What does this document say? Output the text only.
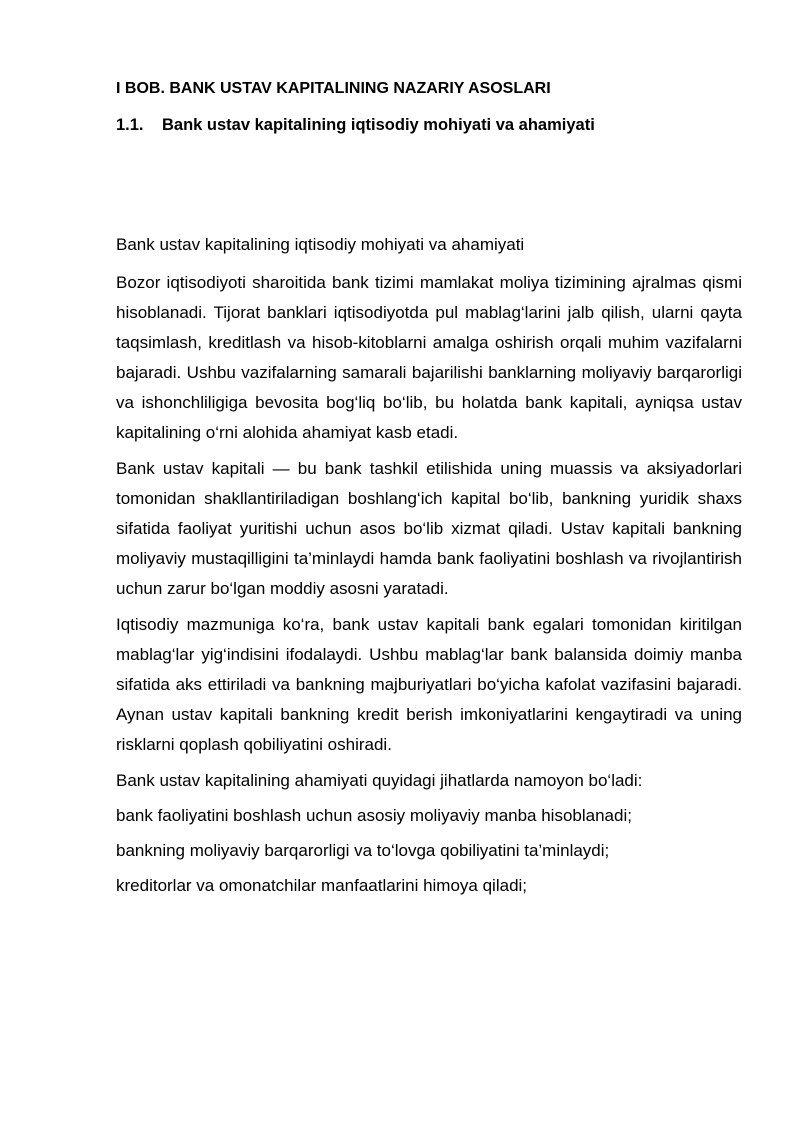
I BOB. BANK USTAV KAPITALINING NAZARIY ASOSLARI
1.1.	Bank ustav kapitalining iqtisodiy mohiyati va ahamiyati

Bank ustav kapitalining iqtisodiy mohiyati va ahamiyati

Bozor iqtisodiyoti sharoitida bank tizimi mamlakat moliya tizimining ajralmas qismi hisoblanadi. Tijorat banklari iqtisodiyotda pul mablag‘larini jalb qilish, ularni qayta taqsimlash, kreditlash va hisob-kitoblarni amalga oshirish orqali muhim vazifalarni bajaradi. Ushbu vazifalarning samarali bajarilishi banklarning moliyaviy barqarorligi va ishonchliligiga bevosita bog‘liq bo‘lib, bu holatda bank kapitali, ayniqsa ustav kapitalining o‘rni alohida ahamiyat kasb etadi.

Bank ustav kapitali — bu bank tashkil etilishida uning muassis va aksiyadorlari tomonidan shakllantiriladigan boshlang‘ich kapital bo‘lib, bankning yuridik shaxs sifatida faoliyat yuritishi uchun asos bo‘lib xizmat qiladi. Ustav kapitali bankning moliyaviy mustaqilligini ta’minlaydi hamda bank faoliyatini boshlash va rivojlantirish uchun zarur bo‘lgan moddiy asosni yaratadi.

Iqtisodiy mazmuniga ko‘ra, bank ustav kapitali bank egalari tomonidan kiritilgan mablag‘lar yig‘indisini ifodalaydi. Ushbu mablag‘lar bank balansida doimiy manba sifatida aks ettiriladi va bankning majburiyatlari bo‘yicha kafolat vazifasini bajaradi. Aynan ustav kapitali bankning kredit berish imkoniyatlarini kengaytiradi va uning risklarni qoplash qobiliyatini oshiradi.

Bank ustav kapitalining ahamiyati quyidagi jihatlarda namoyon bo‘ladi:

bank faoliyatini boshlash uchun asosiy moliyaviy manba hisoblanadi;

bankning moliyaviy barqarorligi va to‘lovga qobiliyatini ta’minlaydi;

kreditorlar va omonatchilar manfaatlarini himoya qiladi;
